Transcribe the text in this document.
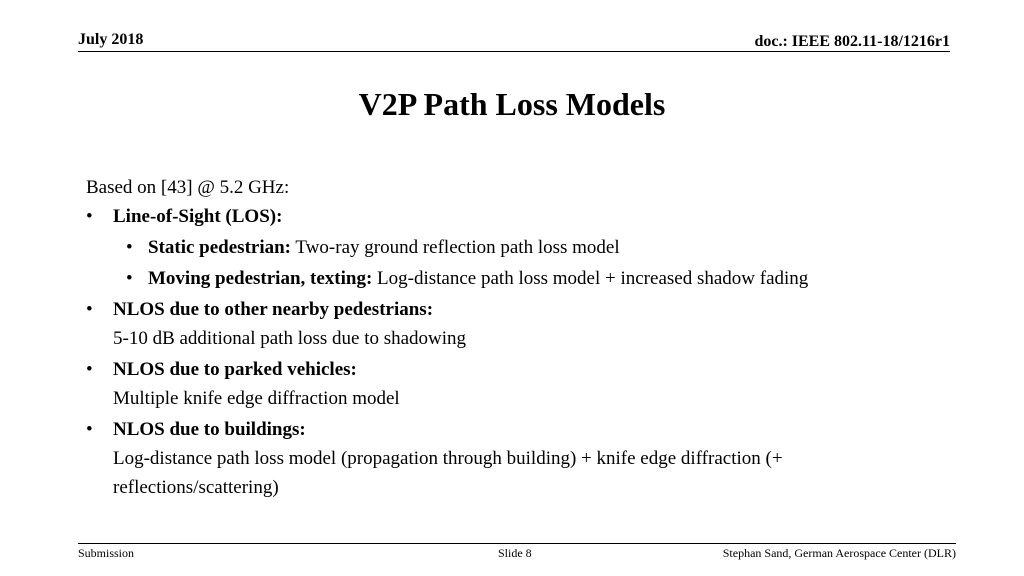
July 2018	doc.: IEEE 802.11-18/1216r1
V2P Path Loss Models

Based on [43] @ 5.2 GHz:

• Line-of-Sight (LOS):
• Static pedestrian: Two-ray ground reflection path loss model
• Moving pedestrian, texting: Log-distance path loss model + increased shadow fading
• NLOS due to other nearby pedestrians:
5-10 dB additional path loss due to shadowing
• NLOS due to parked vehicles:
Multiple knife edge diffraction model
• NLOS due to buildings:
Log-distance path loss model (propagation through building) + knife edge diffraction (+ reflections/scattering)
Submission	Slide 8	Stephan Sand, German Aerospace Center (DLR)
